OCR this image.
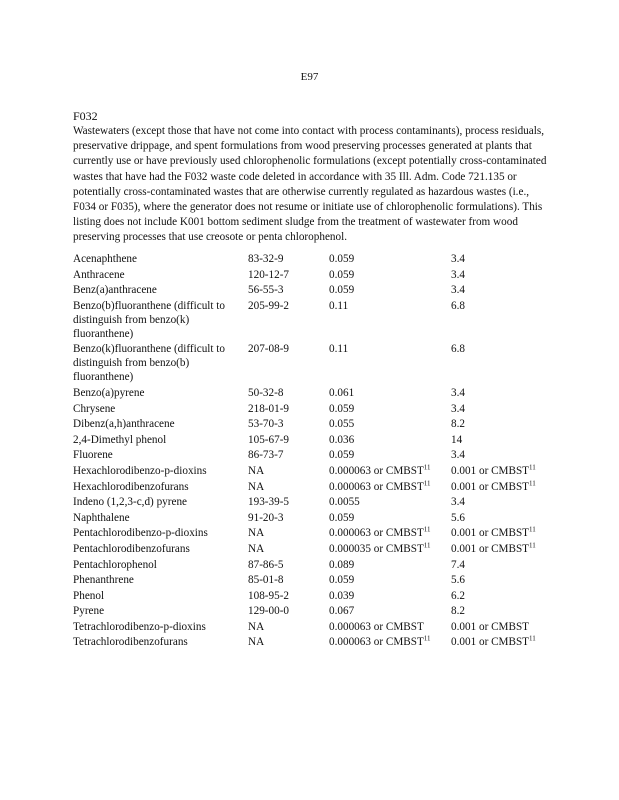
E97
F032
Wastewaters (except those that have not come into contact with process contaminants), process residuals, preservative drippage, and spent formulations from wood preserving processes generated at plants that currently use or have previously used chlorophenolic formulations (except potentially cross-contaminated wastes that have had the F032 waste code deleted in accordance with 35 Ill. Adm. Code 721.135 or potentially cross-contaminated wastes that are otherwise currently regulated as hazardous wastes (i.e., F034 or F035), where the generator does not resume or initiate use of chlorophenolic formulations). This listing does not include K001 bottom sediment sludge from the treatment of wastewater from wood preserving processes that use creosote or penta chlorophenol.
Acenaphthene	83-32-9	0.059	3.4
Anthracene	120-12-7	0.059	3.4
Benz(a)anthracene	56-55-3	0.059	3.4
Benzo(b)fluoranthene (difficult to distinguish from benzo(k) fluoranthene)	205-99-2	0.11	6.8
Benzo(k)fluoranthene (difficult to distinguish from benzo(b) fluoranthene)	207-08-9	0.11	6.8
Benzo(a)pyrene	50-32-8	0.061	3.4
Chrysene	218-01-9	0.059	3.4
Dibenz(a,h)anthracene	53-70-3	0.055	8.2
2,4-Dimethyl phenol	105-67-9	0.036	14
Fluorene	86-73-7	0.059	3.4
Hexachlorodibenzo-p-dioxins	NA	0.000063 or CMBST$^{11}$	0.001 or CMBST$^{11}$
Hexachlorodibenzofurans	NA	0.000063 or CMBST$^{11}$	0.001 or CMBST$^{11}$
Indeno (1,2,3-c,d) pyrene	193-39-5	0.0055	3.4
Naphthalene	91-20-3	0.059	5.6
Pentachlorodibenzo-p-dioxins	NA	0.000063 or CMBST$^{11}$	0.001 or CMBST$^{11}$
Pentachlorodibenzofurans	NA	0.000035 or CMBST$^{11}$	0.001 or CMBST$^{11}$
Pentachlorophenol	87-86-5	0.089	7.4
Phenanthrene	85-01-8	0.059	5.6
Phenol	108-95-2	0.039	6.2
Pyrene	129-00-0	0.067	8.2
Tetrachlorodibenzo-p-dioxins	NA	0.000063 or CMBST	0.001 or CMBST
Tetrachlorodibenzofurans	NA	0.000063 or CMBST$^{11}$	0.001 or CMBST$^{11}$
